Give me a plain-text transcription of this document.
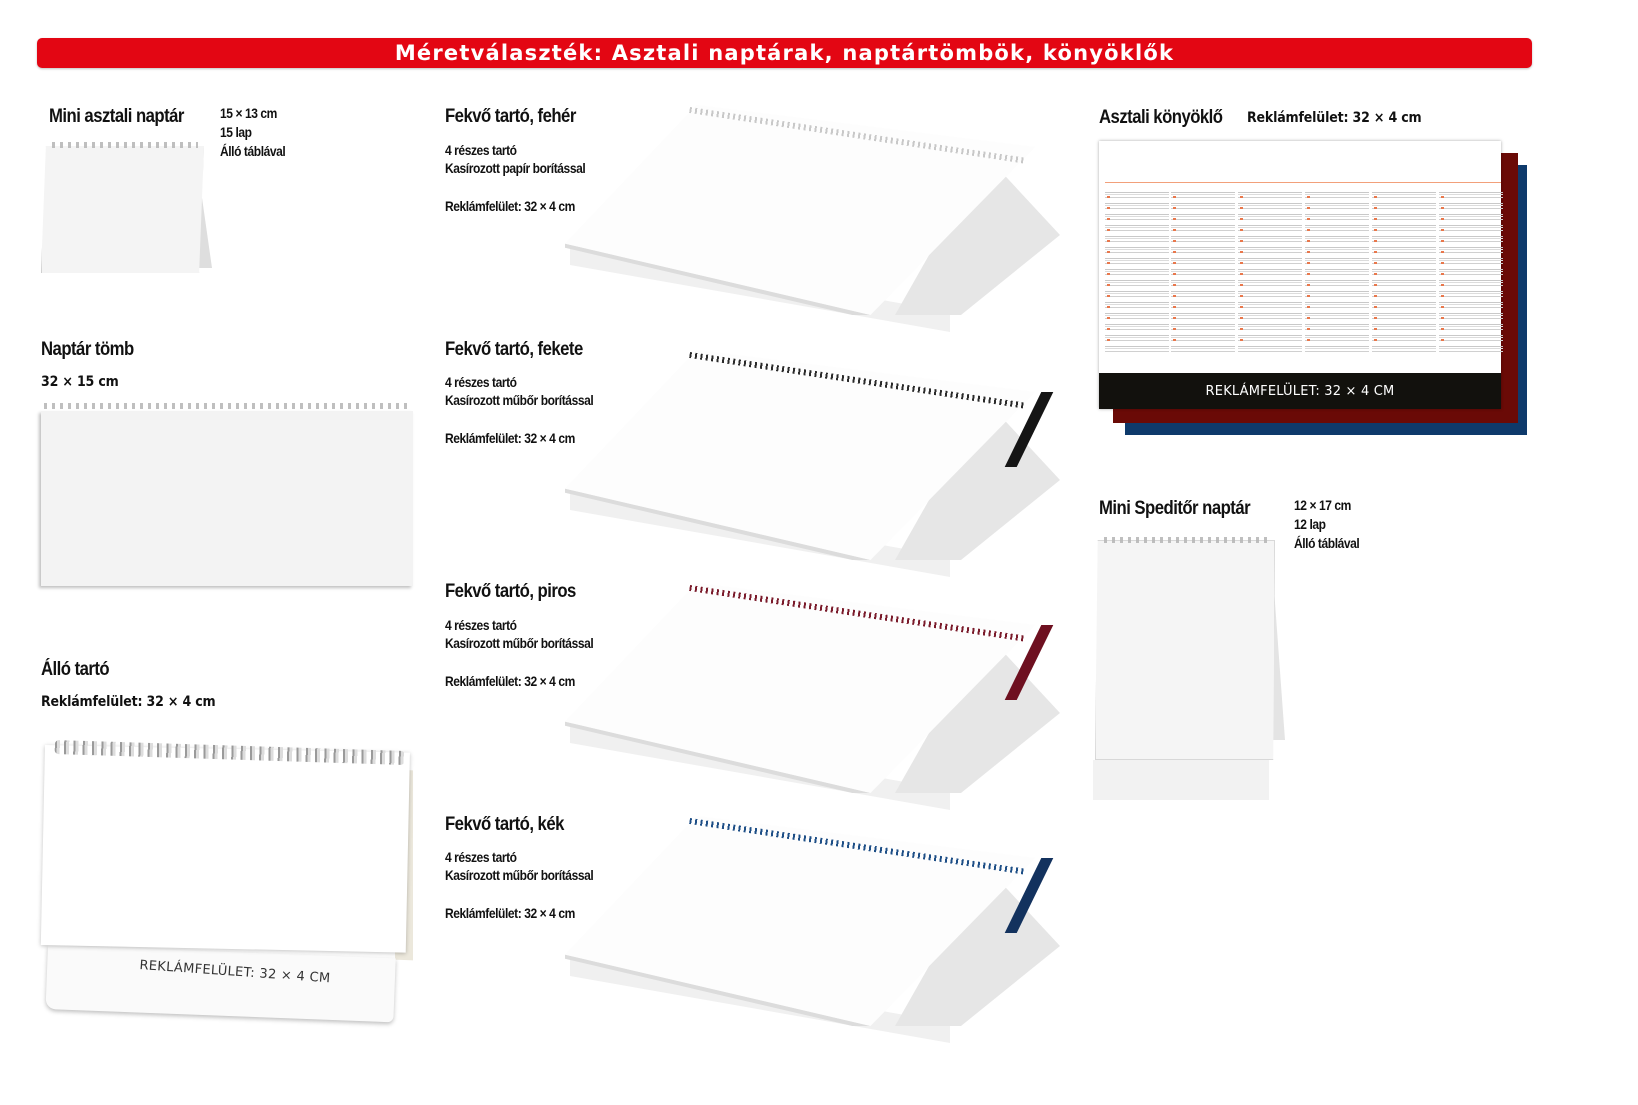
Méretválaszték: Asztali naptárak, naptártömbök, könyöklők
Mini asztali naptár	15 × 13 cm
15 lap
Álló táblával
Naptár tömb
32 × 15 cm
Álló tartó
Reklámfelület: 32 × 4 cm
REKLÁMFELÜLET: 32 × 4 CM
Fekvő tartó, fehér
4 részes tartó
Kasírozott papír borítással
Reklámfelület: 32 × 4 cm
Fekvő tartó, fekete
4 részes tartó
Kasírozott műbőr borítással
Reklámfelület: 32 × 4 cm
Fekvő tartó, piros
4 részes tartó
Kasírozott műbőr borítással
Reklámfelület: 32 × 4 cm
Fekvő tartó, kék
4 részes tartó
Kasírozott műbőr borítással
Reklámfelület: 32 × 4 cm
Asztali könyöklő Reklámfelület: 32 × 4 cm
REKLÁMFELÜLET: 32 × 4 CM
Mini Speditőr naptár	12 × 17 cm
12 lap
Álló táblával
